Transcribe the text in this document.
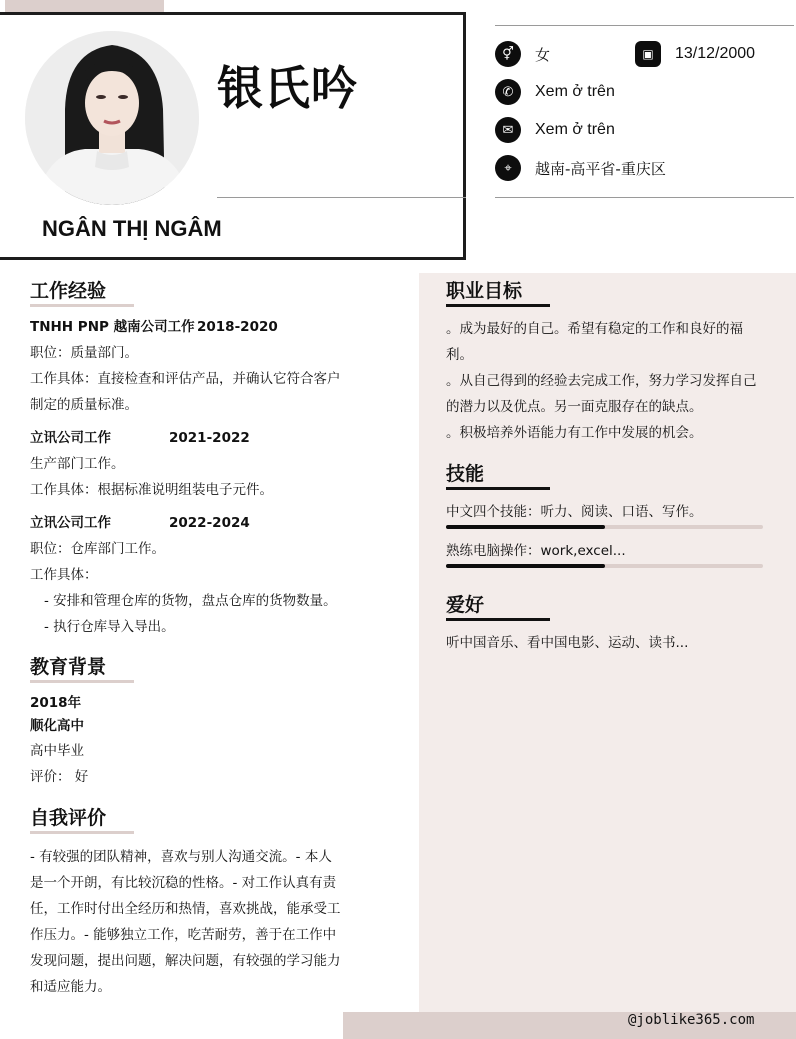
银氏吟
NGÂN THỊ NGÂM
⚥	女	▣	13/12/2000
✆	Xem ở trên
✉	Xem ở trên
⌖	越南-高平省-重庆区
工作经验
TNHH PNP 越南公司工作 2018-2020
职位：质量部门。
工作具体：直接检查和评估产品，并确认它符合客户
制定的质量标准。
立讯公司工作	2021-2022
生产部门工作。
工作具体：根据标准说明组装电子元件。
立讯公司工作	2022-2024
职位：仓库部门工作。
工作具体：
- 安排和管理仓库的货物，盘点仓库的货物数量。
- 执行仓库导入导出。
教育背景
2018年
顺化高中
高中毕业
评价： 好
自我评价
- 有较强的团队精神，喜欢与别人沟通交流。- 本人
是一个开朗，有比较沉稳的性格。- 对工作认真有责
任，工作时付出全经历和热情，喜欢挑战，能承受工
作压力。- 能够独立工作，吃苦耐劳，善于在工作中
发现问题，提出问题，解决问题，有较强的学习能力
和适应能力。
职业目标
。成为最好的自己。希望有稳定的工作和良好的福
利。
。从自己得到的经验去完成工作，努力学习发挥自己
的潜力以及优点。另一面克服存在的缺点。
。积极培养外语能力有工作中发展的机会。
技能
中文四个技能：听力、阅读、口语、写作。
熟练电脑操作：work,excel...
爱好
听中国音乐、看中国电影、运动、读书...
@joblike365.com
